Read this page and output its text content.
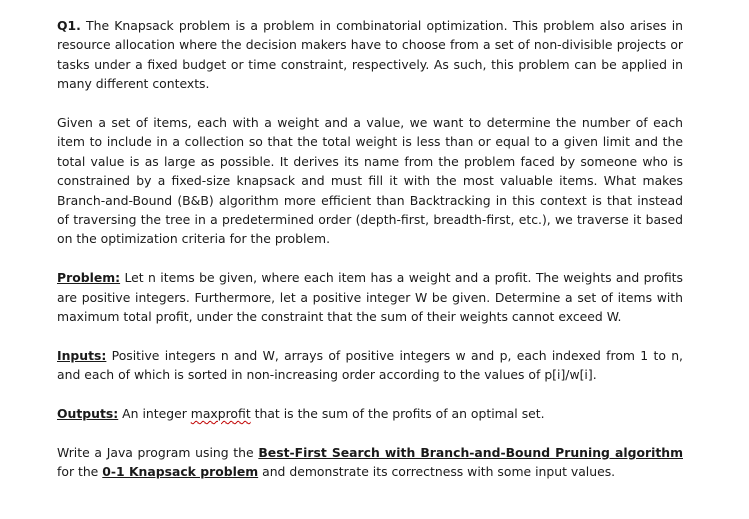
Q1. The Knapsack problem is a problem in combinatorial optimization. This problem also arises in resource allocation where the decision makers have to choose from a set of non-divisible projects or tasks under a fixed budget or time constraint, respectively. As such, this problem can be applied in many different contexts.

Given a set of items, each with a weight and a value, we want to determine the number of each item to include in a collection so that the total weight is less than or equal to a given limit and the total value is as large as possible. It derives its name from the problem faced by someone who is constrained by a fixed-size knapsack and must fill it with the most valuable items. What makes Branch-and-Bound (B&B) algorithm more efficient than Backtracking in this context is that instead of traversing the tree in a predetermined order (depth-first, breadth-first, etc.), we traverse it based on the optimization criteria for the problem.

Problem: Let n items be given, where each item has a weight and a profit. The weights and profits are positive integers. Furthermore, let a positive integer W be given. Determine a set of items with maximum total profit, under the constraint that the sum of their weights cannot exceed W.

Inputs: Positive integers n and W, arrays of positive integers w and p, each indexed from 1 to n, and each of which is sorted in non-increasing order according to the values of p[i]/w[i].

Outputs: An integer maxprofit that is the sum of the profits of an optimal set.

Write a Java program using the Best-First Search with Branch-and-Bound Pruning algorithm for the 0-1 Knapsack problem and demonstrate its correctness with some input values.
